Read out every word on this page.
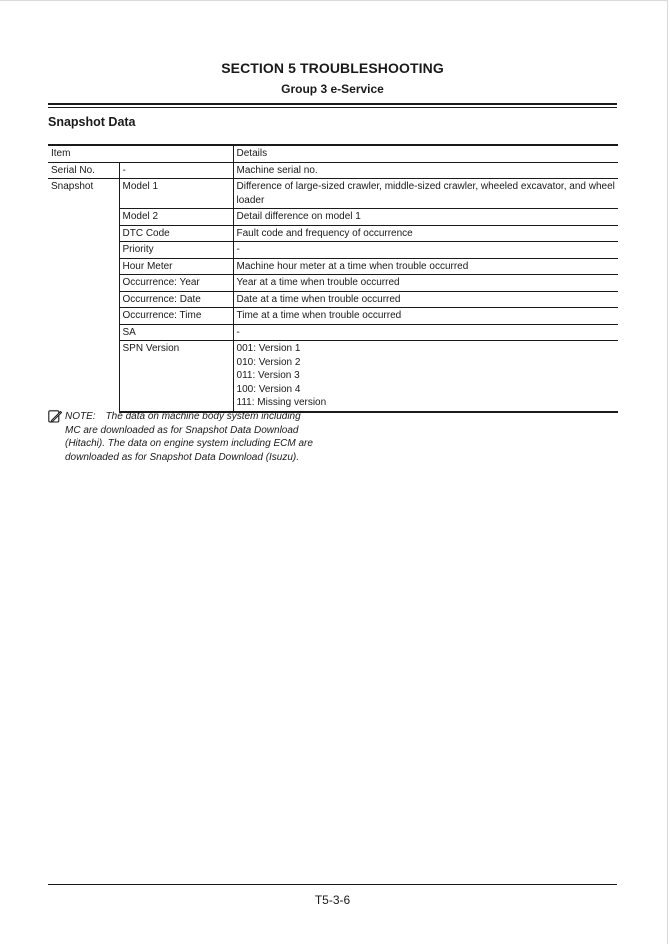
SECTION 5 TROUBLESHOOTING
Group 3 e-Service
Snapshot Data
Item		Details
Serial No.	-	Machine serial no.
Snapshot	Model 1	Difference of large-sized crawler, middle-sized crawler, wheeled excavator, and wheel loader
	Model 2	Detail difference on model 1
	DTC Code	Fault code and frequency of occurrence
	Priority	-
	Hour Meter	Machine hour meter at a time when trouble occurred
	Occurrence: Year	Year at a time when trouble occurred
	Occurrence: Date	Date at a time when trouble occurred
	Occurrence: Time	Time at a time when trouble occurred
	SA	-
	SPN Version	001: Version 1
010: Version 2
011: Version 3
100: Version 4
111: Missing version
NOTE: The data on machine body system including MC are downloaded as for Snapshot Data Download (Hitachi). The data on engine system including ECM are downloaded as for Snapshot Data Download (Isuzu).
T5-3-6
